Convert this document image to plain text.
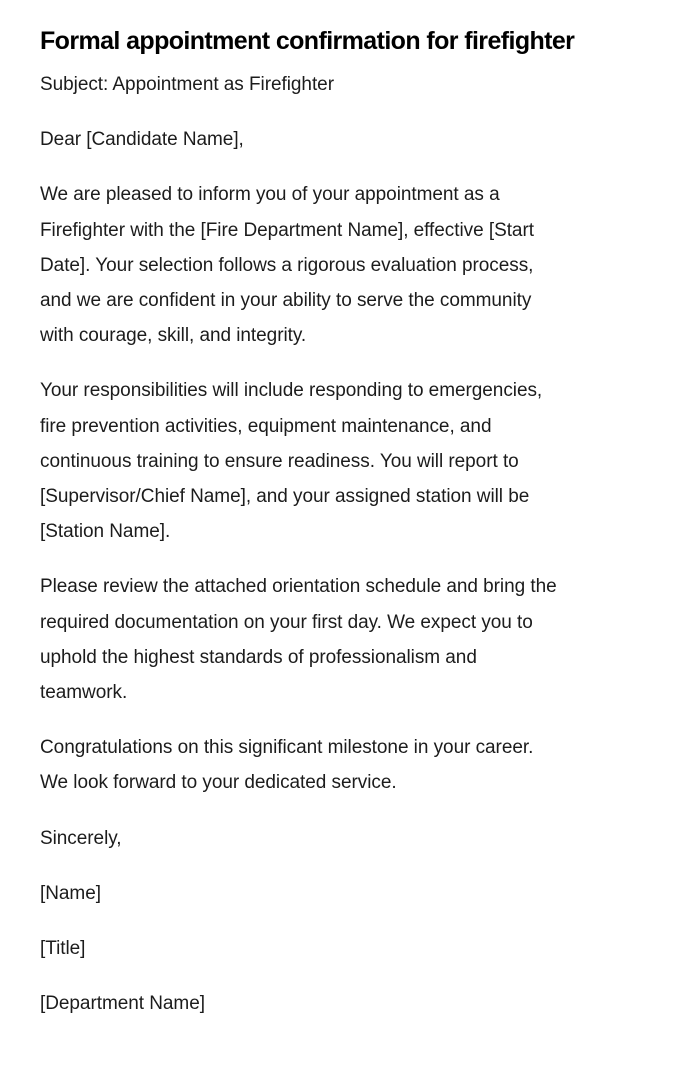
Formal appointment confirmation for firefighter

Subject: Appointment as Firefighter

Dear [Candidate Name],

We are pleased to inform you of your appointment as a
Firefighter with the [Fire Department Name], effective [Start
Date]. Your selection follows a rigorous evaluation process,
and we are confident in your ability to serve the community
with courage, skill, and integrity.

Your responsibilities will include responding to emergencies,
fire prevention activities, equipment maintenance, and
continuous training to ensure readiness. You will report to
[Supervisor/Chief Name], and your assigned station will be
[Station Name].

Please review the attached orientation schedule and bring the
required documentation on your first day. We expect you to
uphold the highest standards of professionalism and
teamwork.

Congratulations on this significant milestone in your career.
We look forward to your dedicated service.

Sincerely,

[Name]

[Title]

[Department Name]
